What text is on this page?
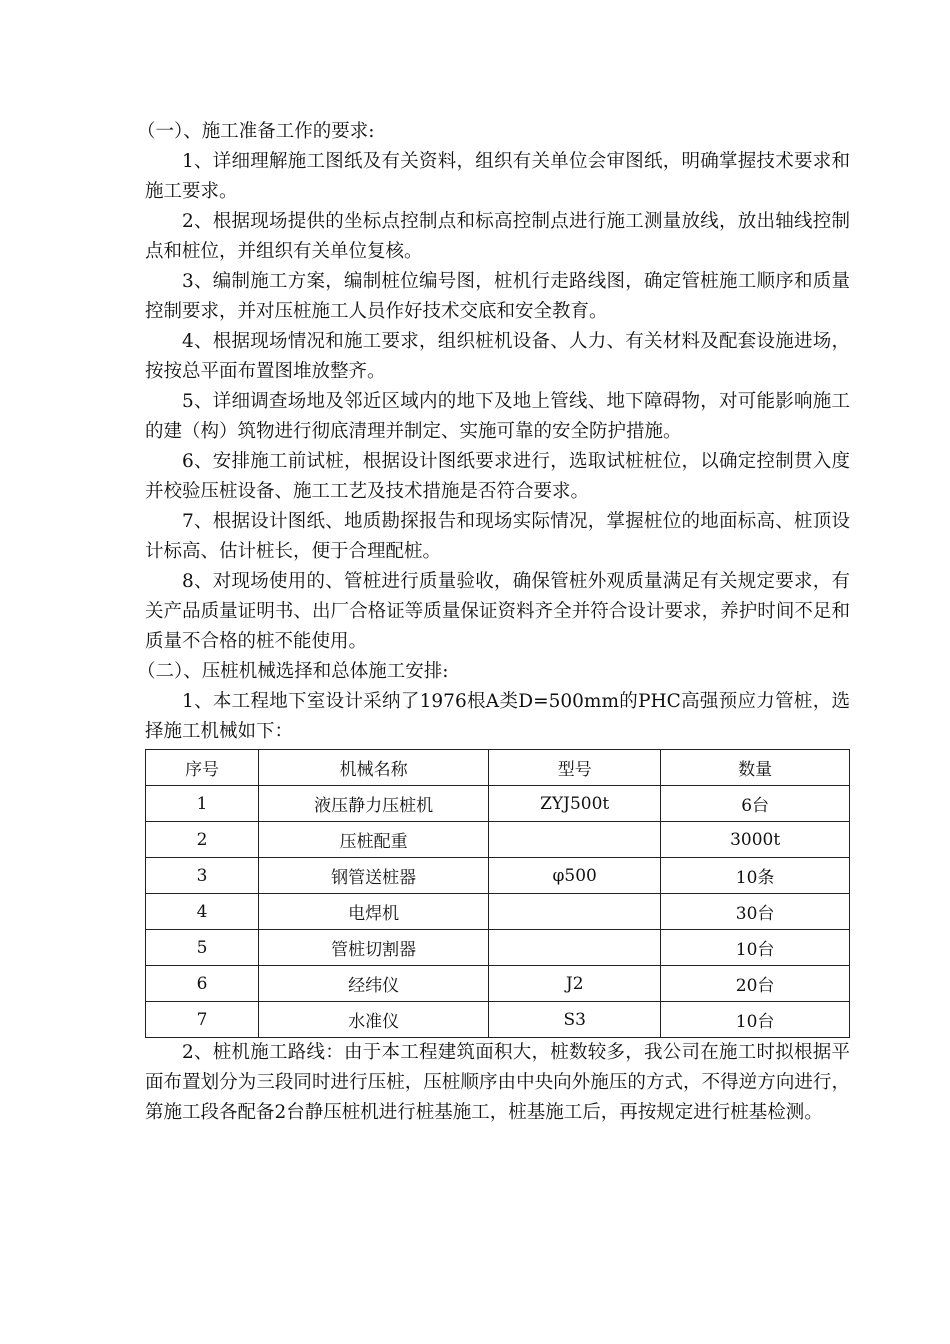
（一）、施工准备工作的要求:

1、详细理解施工图纸及有关资料，组织有关单位会审图纸，明确掌握技术要求和施工要求。

2、根据现场提供的坐标点控制点和标高控制点进行施工测量放线，放出轴线控制点和桩位，并组织有关单位复核。

3、编制施工方案，编制桩位编号图，桩机行走路线图，确定管桩施工顺序和质量控制要求，并对压桩施工人员作好技术交底和安全教育。

4、根据现场情况和施工要求，组织桩机设备、人力、有关材料及配套设施进场，按按总平面布置图堆放整齐。

5、详细调查场地及邻近区域内的地下及地上管线、地下障碍物，对可能影响施工的建（构）筑物进行彻底清理并制定、实施可靠的安全防护措施。

6、安排施工前试桩，根据设计图纸要求进行，选取试桩桩位，以确定控制贯入度并校验压桩设备、施工工艺及技术措施是否符合要求。

7、根据设计图纸、地质勘探报告和现场实际情况，掌握桩位的地面标高、桩顶设计标高、估计桩长，便于合理配桩。

8、对现场使用的、管桩进行质量验收，确保管桩外观质量满足有关规定要求，有关产品质量证明书、出厂合格证等质量保证资料齐全并符合设计要求，养护时间不足和质量不合格的桩不能使用。

（二）、压桩机械选择和总体施工安排:

1、本工程地下室设计采纳了1976根A类D=500mm的PHC高强预应力管桩，选择施工机械如下：

序号	机械名称	型号	数量
1	液压静力压桩机	ZYJ500t	6台
2	压桩配重		3000t
3	钢管送桩器	φ500	10条
4	电焊机		30台
5	管桩切割器		10台
6	经纬仪	J2	20台
7	水准仪	S3	10台

2、桩机施工路线：由于本工程建筑面积大，桩数较多，我公司在施工时拟根据平面布置划分为三段同时进行压桩，压桩顺序由中央向外施压的方式，不得逆方向进行，第施工段各配备2台静压桩机进行桩基施工，桩基施工后，再按规定进行桩基检测。
